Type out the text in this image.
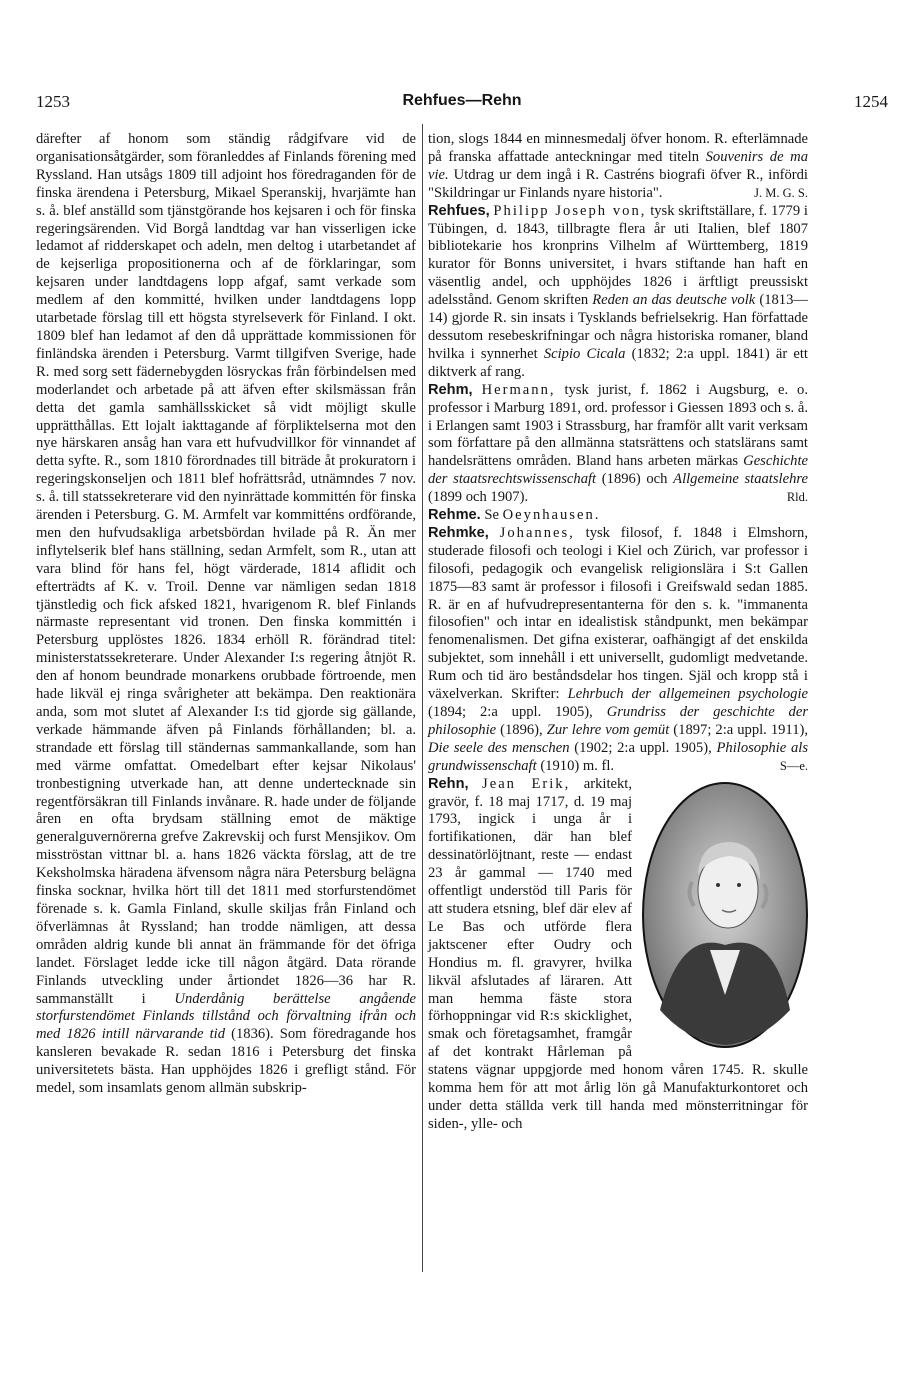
1253	Rehfues—Rehn	1254

därefter af honom som ständig rådgifvare vid de organisationsåtgärder, som föranleddes af Finlands förening med Ryssland. Han utsågs 1809 till adjoint hos föredraganden för de finska ärendena i Petersburg, Mikael Speranskij, hvarjämte han s. å. blef anställd som tjänstgörande hos kejsaren i och för finska regeringsärenden. Vid Borgå landtdag var han visserligen icke ledamot af ridderskapet och adeln, men deltog i utarbetandet af de kejserliga propositionerna och af de förklaringar, som kejsaren under landtdagens lopp afgaf, samt verkade som medlem af den kommitté, hvilken under landtdagens lopp utarbetade förslag till ett högsta styrelseverk för Finland. I okt. 1809 blef han ledamot af den då upprättade kommissionen för finländska ärenden i Petersburg. Varmt tillgifven Sverige, hade R. med sorg sett fädernebygden lösryckas från förbindelsen med moderlandet och arbetade på att äfven efter skilsmässan från detta det gamla samhällsskicket så vidt möjligt skulle upprätthållas. Ett lojalt iakttagande af förpliktelserna mot den nye härskaren ansåg han vara ett hufvudvillkor för vinnandet af detta syfte. R., som 1810 förordnades till biträde åt prokuratorn i regeringskonseljen och 1811 blef hofrättsråd, utnämndes 7 nov. s. å. till statssekreterare vid den nyinrättade kommittén för finska ärenden i Petersburg. G. M. Armfelt var kommitténs ordförande, men den hufvudsakliga arbetsbördan hvilade på R. Än mer inflytelserik blef hans ställning, sedan Armfelt, som R., utan att vara blind för hans fel, högt värderade, 1814 aflidit och efterträdts af K. v. Troil. Denne var nämligen sedan 1818 tjänstledig och fick afsked 1821, hvarigenom R. blef Finlands närmaste representant vid tronen. Den finska kommittén i Petersburg upplöstes 1826. 1834 erhöll R. förändrad titel: ministerstatssekreterare. Under Alexander I:s regering åtnjöt R. den af honom beundrade monarkens orubbade förtroende, men hade likväl ej ringa svårigheter att bekämpa. Den reaktionära anda, som mot slutet af Alexander I:s tid gjorde sig gällande, verkade hämmande äfven på Finlands förhållanden; bl. a. strandade ett förslag till ständernas sammankallande, som han med värme omfattat. Omedelbart efter kejsar Nikolaus' tronbestigning utverkade han, att denne undertecknade sin regentförsäkran till Finlands invånare. R. hade under de följande åren en ofta brydsam ställning emot de mäktige generalguvernörerna grefve Zakrevskij och furst Mensjikov. Om misströstan vittnar bl. a. hans 1826 väckta förslag, att de tre Keksholmska häradena äfvensom några nära Petersburg belägna finska socknar, hvilka hört till det 1811 med storfurstendömet förenade s. k. Gamla Finland, skulle skiljas från Finland och öfverlämnas åt Ryssland; han trodde nämligen, att dessa områden aldrig kunde bli annat än främmande för det öfriga landet. Förslaget ledde icke till någon åtgärd. Data rörande Finlands utveckling under årtiondet 1826—36 har R. sammanställt i Underdånig berättelse angående storfurstendömet Finlands tillstånd och förvaltning ifrån och med 1826 intill närvarande tid (1836). Som föredragande hos kansleren bevakade R. sedan 1816 i Petersburg det finska universitetets bästa. Han upphöjdes 1826 i grefligt stånd. För medel, som insamlats genom allmän subskrip-

tion, slogs 1844 en minnesmedalj öfver honom. R. efterlämnade på franska affattade anteckningar med titeln Souvenirs de ma vie. Utdrag ur dem ingå i R. Castréns biografi öfver R., infördi "Skildringar ur Finlands nyare historia".	J. M. G. S.

Rehfues, Philipp Joseph von, tysk skriftställare, f. 1779 i Tübingen, d. 1843, tillbragte flera år uti Italien, blef 1807 bibliotekarie hos kronprins Vilhelm af Württemberg, 1819 kurator för Bonns universitet, i hvars stiftande han haft en väsentlig andel, och upphöjdes 1826 i ärftligt preussiskt adelsstånd. Genom skriften Reden an das deutsche volk (1813—14) gjorde R. sin insats i Tysklands befrielsekrig. Han författade dessutom resebeskrifningar och några historiska romaner, bland hvilka i synnerhet Scipio Cicala (1832; 2:a uppl. 1841) är ett diktverk af rang.

Rehm, Hermann, tysk jurist, f. 1862 i Augsburg, e. o. professor i Marburg 1891, ord. professor i Giessen 1893 och s. å. i Erlangen samt 1903 i Strassburg, har framför allt varit verksam som författare på den allmänna statsrättens och statslärans samt handelsrättens områden. Bland hans arbeten märkas Geschichte der staatsrechtswissenschaft (1896) och Allgemeine staatslehre (1899 och 1907).	Rld.

Rehme. Se Oeynhausen.

Rehmke, Johannes, tysk filosof, f. 1848 i Elmshorn, studerade filosofi och teologi i Kiel och Zürich, var professor i filosofi, pedagogik och evangelisk religionslära i S:t Gallen 1875—83 samt är professor i filosofi i Greifswald sedan 1885. R. är en af hufvudrepresentanterna för den s. k. "immanenta filosofien" och intar en idealistisk ståndpunkt, men bekämpar fenomenalismen. Det gifna existerar, oafhängigt af det enskilda subjektet, som innehåll i ett universellt, gudomligt medvetande. Rum och tid äro beståndsdelar hos tingen. Själ och kropp stå i växelverkan. Skrifter: Lehrbuch der allgemeinen psychologie (1894; 2:a uppl. 1905), Grundriss der geschichte der philosophie (1896), Zur lehre vom gemüt (1897; 2:a uppl. 1911), Die seele des menschen (1902; 2:a uppl. 1905), Philosophie als grundwissenschaft (1910) m. fl.	S—e.

Rehn, Jean Erik, arkitekt, gravör, f. 18 maj 1717, d. 19 maj 1793, ingick i unga år i fortifikationen, där han blef dessinatörlöjtnant, reste — endast 23 år gammal — 1740 med offentligt understöd till Paris för att studera etsning, blef där elev af Le Bas och utförde flera jaktscener efter Oudry och Hondius m. fl. gravyrer, hvilka likväl afslutades af läraren. Att man hemma fäste stora förhoppningar vid R:s skicklighet, smak och företagsamhet, framgår af det kontrakt Hårleman på statens vägnar uppgjorde med honom våren 1745. R. skulle komma hem för att mot årlig lön gå Manufakturkontoret och under detta ställda verk till handa med mönsterritningar för siden-, ylle- och
